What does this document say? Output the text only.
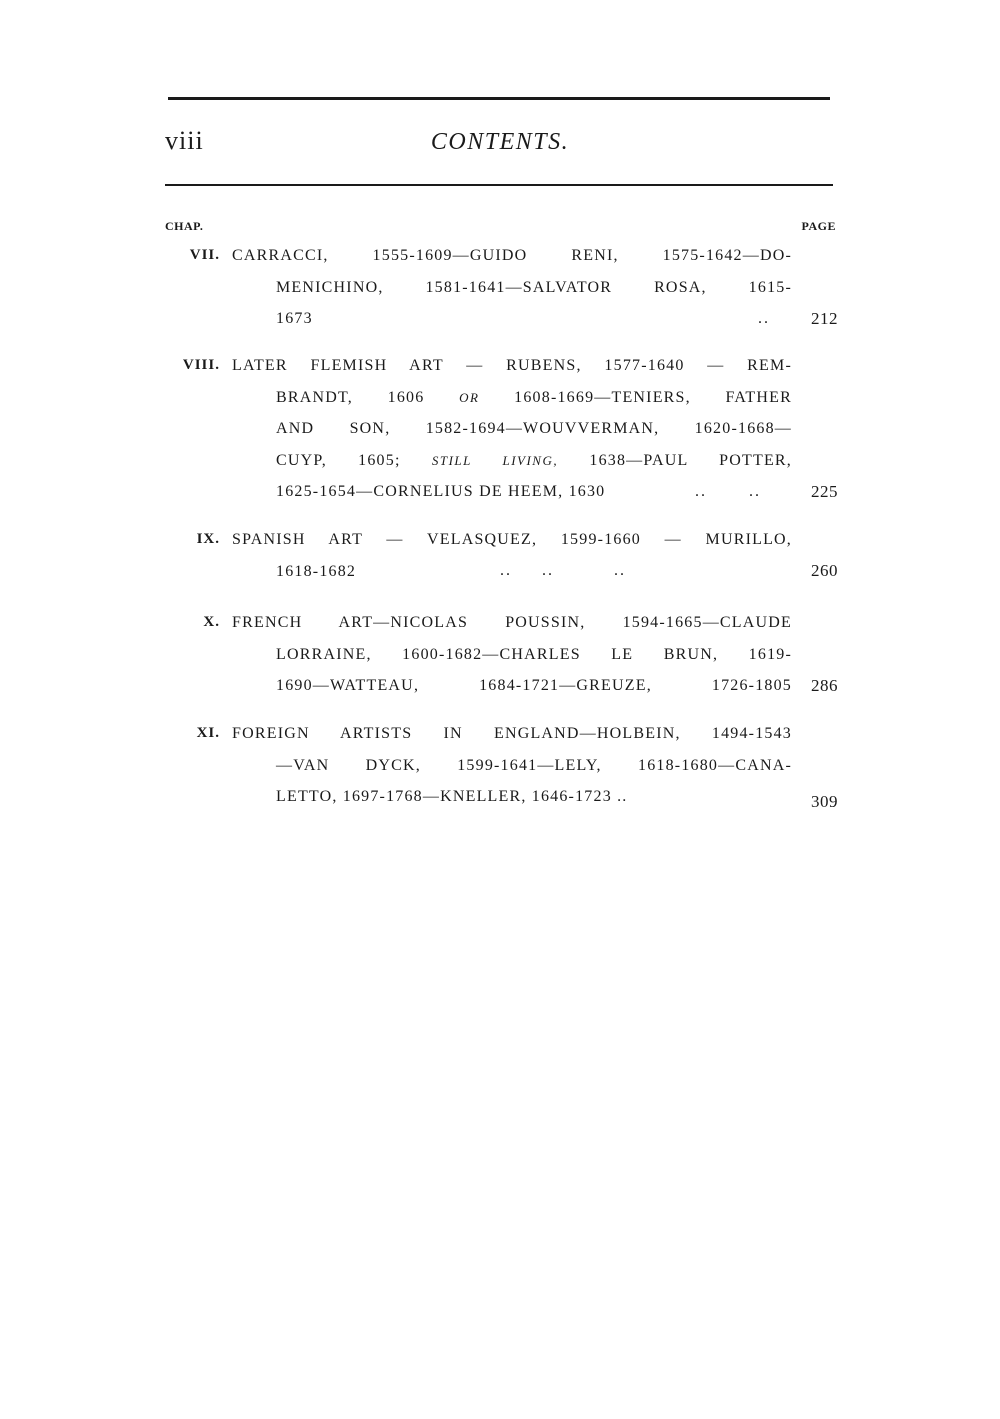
viii	CONTENTS.
CHAP.	PAGE
VII. CARRACCI, 1555-1609—GUIDO RENI, 1575-1642—DO-
MENICHINO, 1581-1641—SALVATOR ROSA, 1615-
1673	.. 212
VIII. LATER FLEMISH ART — RUBENS, 1577-1640 — REM-
BRANDT, 1606	OR 1608-1669—TENIERS, FATHER
AND SON, 1582-1694—WOUVVERMAN, 1620-1668—
CUYP, 1605; STILL LIVING, 1638—PAUL POTTER,
1625-1654—CORNELIUS DE HEEM, 1630	..       ..	225
IX. SPANISH ART — VELASQUEZ, 1599-1660 — MURILLO,
1618-1682	..     ..          ..	260
X. FRENCH ART—NICOLAS POUSSIN, 1594-1665—CLAUDE
LORRAINE, 1600-1682—CHARLES LE BRUN, 1619-
1690—WATTEAU, 1684-1721—GREUZE, 1726-1805 286
XI. FOREIGN ARTISTS IN ENGLAND—HOLBEIN, 1494-1543
—VAN DYCK, 1599-1641—LELY, 1618-1680—CANA-
LETTO, 1697-1768—KNELLER, 1646-1723 ..	309
